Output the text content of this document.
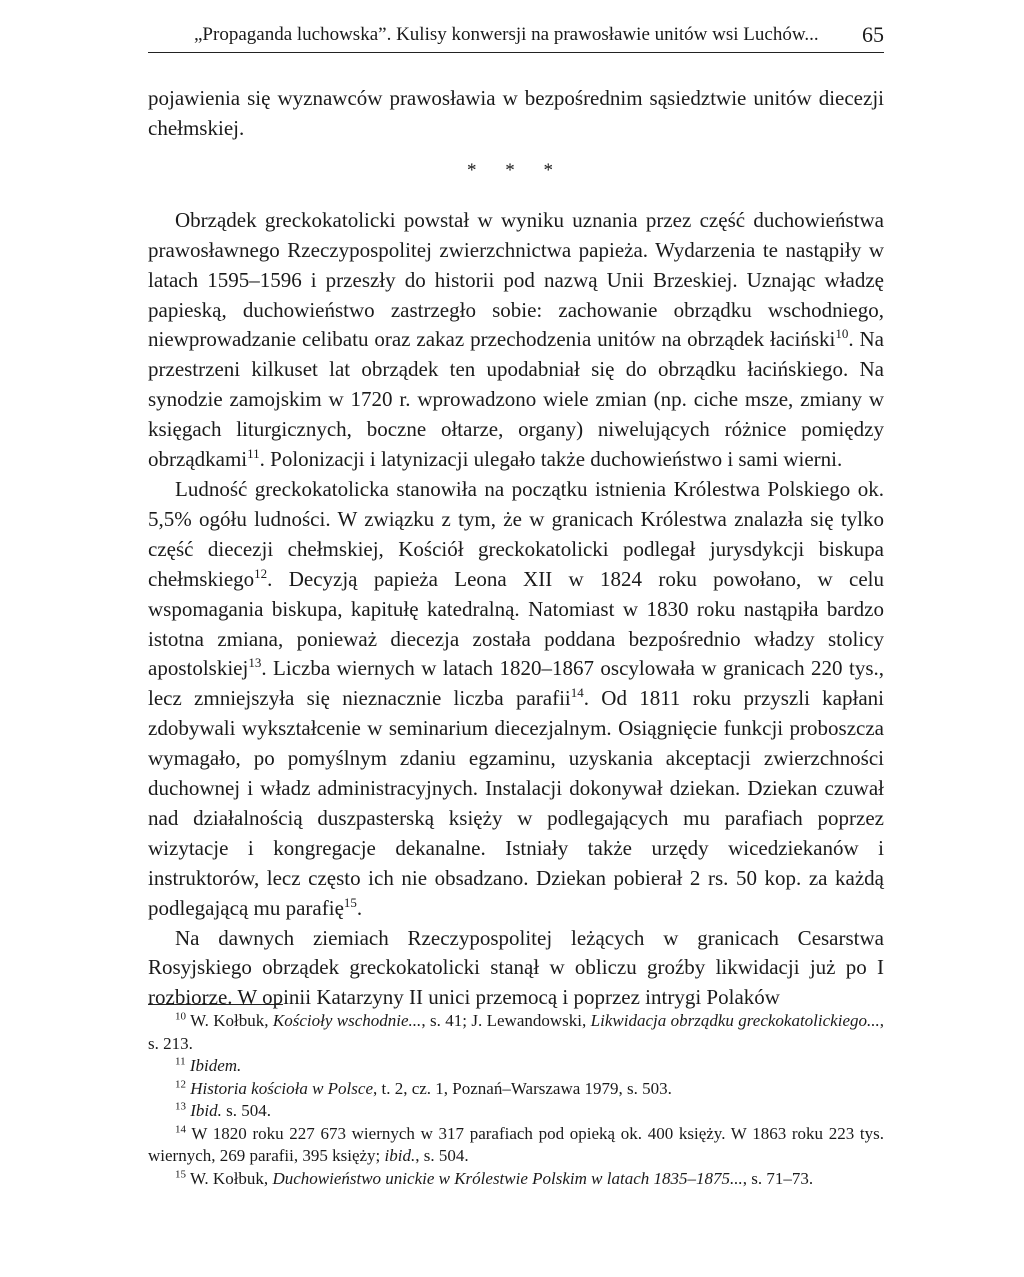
„Propaganda luchowska”. Kulisy konwersji na prawosławie unitów wsi Luchów... 65

pojawienia się wyznawców prawosławia w bezpośrednim sąsiedztwie unitów diecezji chełmskiej.

* * *

Obrządek greckokatolicki powstał w wyniku uznania przez część duchowieństwa prawosławnego Rzeczypospolitej zwierzchnictwa papieża. Wydarzenia te nastąpiły w latach 1595–1596 i przeszły do historii pod nazwą Unii Brzeskiej. Uznając władzę papieską, duchowieństwo zastrzegło sobie: zachowanie obrządku wschodniego, niewprowadzanie celibatu oraz zakaz przechodzenia unitów na obrządek łaciński$^{10}$. Na przestrzeni kilkuset lat obrządek ten upodabniał się do obrządku łacińskiego. Na synodzie zamojskim w 1720 r. wprowadzono wiele zmian (np. ciche msze, zmiany w księgach liturgicznych, boczne ołtarze, organy) niwelujących różnice pomiędzy obrządkami$^{11}$. Polonizacji i latynizacji ulegało także duchowieństwo i sami wierni.

Ludność greckokatolicka stanowiła na początku istnienia Królestwa Polskiego ok. 5,5% ogółu ludności. W związku z tym, że w granicach Królestwa znalazła się tylko część diecezji chełmskiej, Kościół greckokatolicki podlegał jurysdykcji biskupa chełmskiego$^{12}$. Decyzją papieża Leona XII w 1824 roku powołano, w celu wspomagania biskupa, kapitułę katedralną. Natomiast w 1830 roku nastąpiła bardzo istotna zmiana, ponieważ diecezja została poddana bezpośrednio władzy stolicy apostolskiej$^{13}$. Liczba wiernych w latach 1820–1867 oscylowała w granicach 220 tys., lecz zmniejszyła się nieznacznie liczba parafii$^{14}$. Od 1811 roku przyszli kapłani zdobywali wykształcenie w seminarium diecezjalnym. Osiągnięcie funkcji proboszcza wymagało, po pomyślnym zdaniu egzaminu, uzyskania akceptacji zwierzchności duchownej i władz administracyjnych. Instalacji dokonywał dziekan. Dziekan czuwał nad działalnością duszpasterską księży w podlegających mu parafiach poprzez wizytacje i kongregacje dekanalne. Istniały także urzędy wicedziekanów i instruktorów, lecz często ich nie obsadzano. Dziekan pobierał 2 rs. 50 kop. za każdą podlegającą mu parafię$^{15}$.

Na dawnych ziemiach Rzeczypospolitej leżących w granicach Cesarstwa Rosyjskiego obrządek greckokatolicki stanął w obliczu groźby likwidacji już po I rozbiorze. W opinii Katarzyny II unici przemocą i poprzez intrygi Polaków

$^{10}$ W. Kołbuk, Kościoły wschodnie..., s. 41; J. Lewandowski, Likwidacja obrządku greckokatolickiego..., s. 213.

$^{11}$ Ibidem.

$^{12}$ Historia kościoła w Polsce, t. 2, cz. 1, Poznań–Warszawa 1979, s. 503.

$^{13}$ Ibid. s. 504.

$^{14}$ W 1820 roku 227 673 wiernych w 317 parafiach pod opieką ok. 400 księży. W 1863 roku 223 tys. wiernych, 269 parafii, 395 księży; ibid., s. 504.

$^{15}$ W. Kołbuk, Duchowieństwo unickie w Królestwie Polskim w latach 1835–1875..., s. 71–73.
